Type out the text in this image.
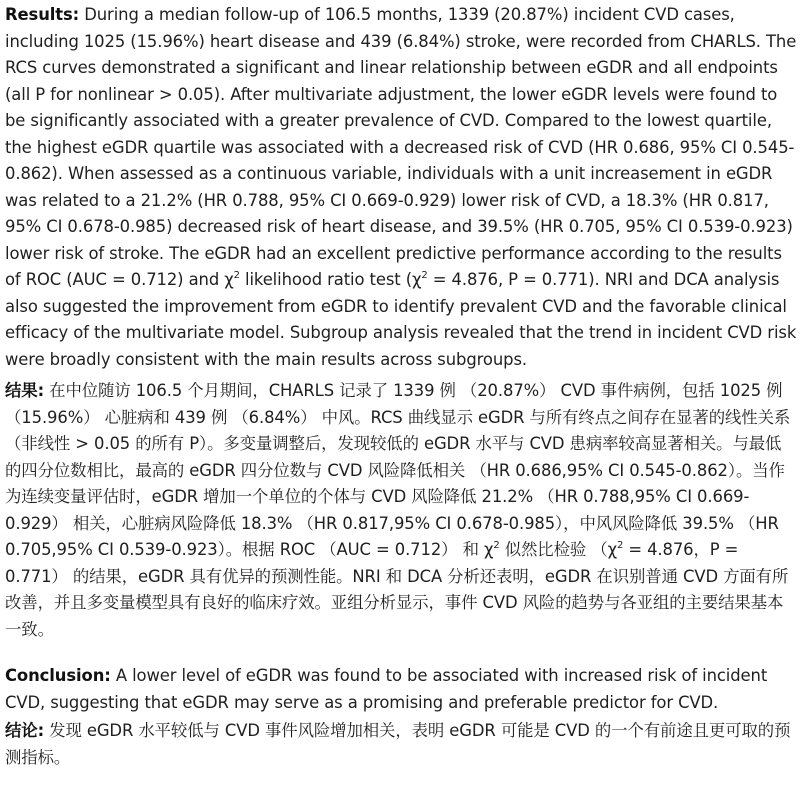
Results: During a median follow-up of 106.5 months, 1339 (20.87%) incident CVD cases, including 1025 (15.96%) heart disease and 439 (6.84%) stroke, were recorded from CHARLS. The RCS curves demonstrated a significant and linear relationship between eGDR and all endpoints (all P for nonlinear > 0.05). After multivariate adjustment, the lower eGDR levels were found to be significantly associated with a greater prevalence of CVD. Compared to the lowest quartile, the highest eGDR quartile was associated with a decreased risk of CVD (HR 0.686, 95% CI 0.545-0.862). When assessed as a continuous variable, individuals with a unit increasement in eGDR was related to a 21.2% (HR 0.788, 95% CI 0.669-0.929) lower risk of CVD, a 18.3% (HR 0.817, 95% CI 0.678-0.985) decreased risk of heart disease, and 39.5% (HR 0.705, 95% CI 0.539-0.923) lower risk of stroke. The eGDR had an excellent predictive performance according to the results of ROC (AUC = 0.712) and $\chi^2$ likelihood ratio test ($\chi^2 = 4.876$, P = 0.771). NRI and DCA analysis also suggested the improvement from eGDR to identify prevalent CVD and the favorable clinical efficacy of the multivariate model. Subgroup analysis revealed that the trend in incident CVD risk were broadly consistent with the main results across subgroups.

结果: 在中位随访 106.5 个月期间，CHARLS 记录了 1339 例 （20.87%） CVD 事件病例，包括 1025 例 （15.96%） 心脏病和 439 例 （6.84%） 中风。RCS 曲线显示 eGDR 与所有终点之间存在显著的线性关系 （非线性 > 0.05 的所有 P）。多变量调整后，发现较低的 eGDR 水平与 CVD 患病率较高显著相关。与最低的四分位数相比，最高的 eGDR 四分位数与 CVD 风险降低相关 （HR 0.686,95% CI 0.545-0.862）。当作为连续变量评估时，eGDR 增加一个单位的个体与 CVD 风险降低 21.2% （HR 0.788,95% CI 0.669-0.929） 相关，心脏病风险降低 18.3% （HR 0.817,95% CI 0.678-0.985），中风风险降低 39.5% （HR 0.705,95% CI 0.539-0.923）。根据 ROC （AUC = 0.712） 和 $\chi^2$ 似然比检验 （$\chi^2 = 4.876$，P = 0.771） 的结果，eGDR 具有优异的预测性能。NRI 和 DCA 分析还表明，eGDR 在识别普通 CVD 方面有所改善，并且多变量模型具有良好的临床疗效。亚组分析显示，事件 CVD 风险的趋势与各亚组的主要结果基本一致。

Conclusion: A lower level of eGDR was found to be associated with increased risk of incident CVD, suggesting that eGDR may serve as a promising and preferable predictor for CVD.

结论: 发现 eGDR 水平较低与 CVD 事件风险增加相关，表明 eGDR 可能是 CVD 的一个有前途且更可取的预测指标。
